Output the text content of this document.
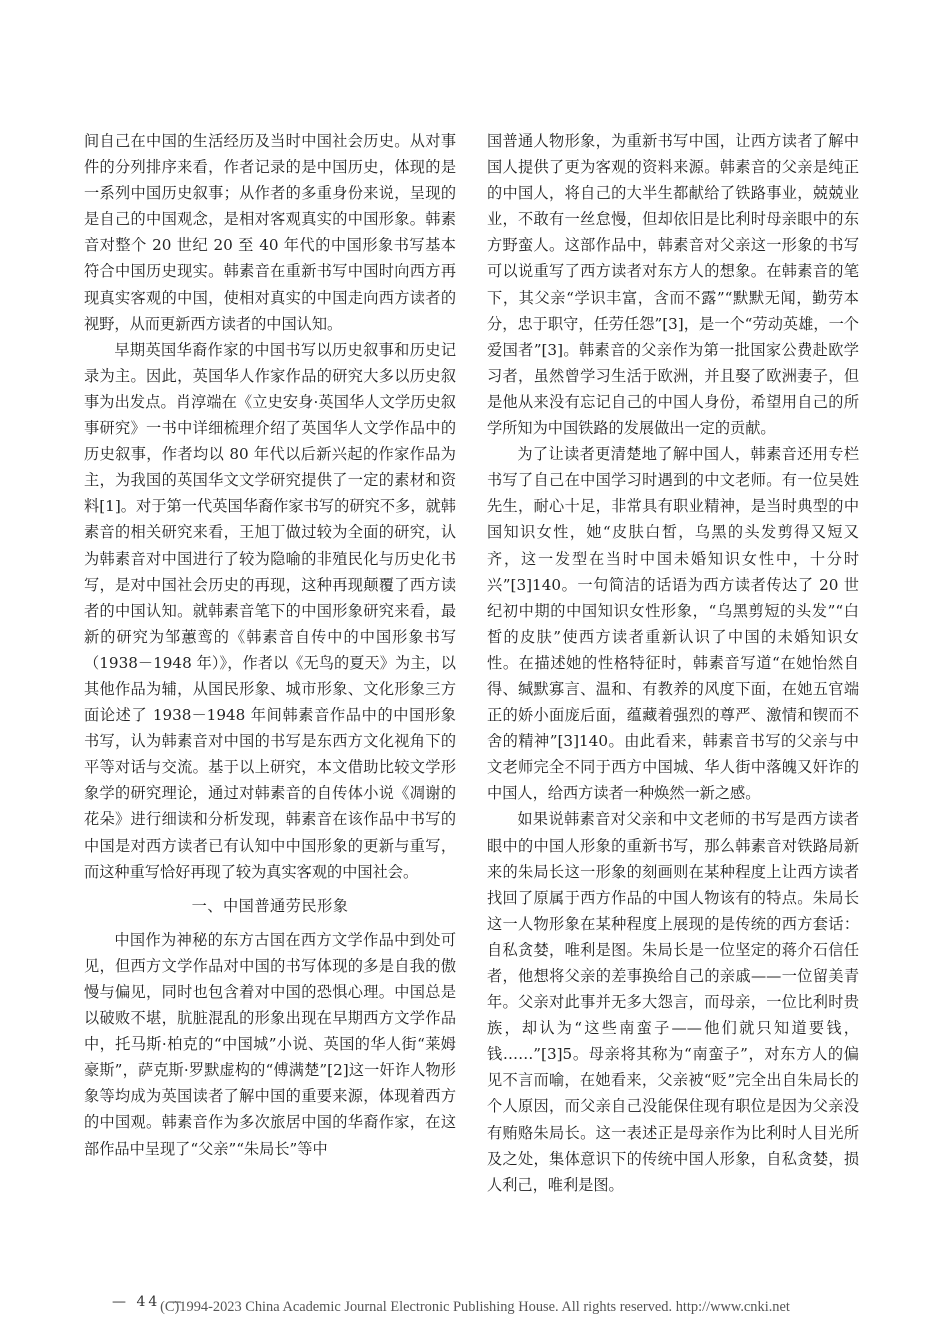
间自己在中国的生活经历及当时中国社会历史。从对事件的分列排序来看，作者记录的是中国历史，体现的是一系列中国历史叙事；从作者的多重身份来说，呈现的是自己的中国观念，是相对客观真实的中国形象。韩素音对整个 20 世纪 20 至 40 年代的中国形象书写基本符合中国历史现实。韩素音在重新书写中国时向西方再现真实客观的中国，使相对真实的中国走向西方读者的视野，从而更新西方读者的中国认知。

早期英国华裔作家的中国书写以历史叙事和历史记录为主。因此，英国华人作家作品的研究大多以历史叙事为出发点。肖淳端在《立史安身·英国华人文学历史叙事研究》一书中详细梳理介绍了英国华人文学作品中的历史叙事，作者均以 80 年代以后新兴起的作家作品为主，为我国的英国华文文学研究提供了一定的素材和资料[1]。对于第一代英国华裔作家书写的研究不多，就韩素音的相关研究来看，王旭丁做过较为全面的研究，认为韩素音对中国进行了较为隐喻的非殖民化与历史化书写，是对中国社会历史的再现，这种再现颠覆了西方读者的中国认知。就韩素音笔下的中国形象研究来看，最新的研究为邹蕙鸾的《韩素音自传中的中国形象书写（1938－1948 年）》，作者以《无鸟的夏天》为主，以其他作品为辅，从国民形象、城市形象、文化形象三方面论述了 1938－1948 年间韩素音作品中的中国形象书写，认为韩素音对中国的书写是东西方文化视角下的平等对话与交流。基于以上研究，本文借助比较文学形象学的研究理论，通过对韩素音的自传体小说《凋谢的花朵》进行细读和分析发现，韩素音在该作品中书写的中国是对西方读者已有认知中中国形象的更新与重写，而这种重写恰好再现了较为真实客观的中国社会。

一、中国普通劳民形象

中国作为神秘的东方古国在西方文学作品中到处可见，但西方文学作品对中国的书写体现的多是自我的傲慢与偏见，同时也包含着对中国的恐惧心理。中国总是以破败不堪，肮脏混乱的形象出现在早期西方文学作品中，托马斯·柏克的“中国城”小说、英国的华人街“莱姆豪斯”，萨克斯·罗默虚构的“傅满楚”[2]这一奸诈人物形象等均成为英国读者了解中国的重要来源，体现着西方的中国观。韩素音作为多次旅居中国的华裔作家，在这部作品中呈现了“父亲”“朱局长”等中

国普通人物形象，为重新书写中国，让西方读者了解中国人提供了更为客观的资料来源。韩素音的父亲是纯正的中国人，将自己的大半生都献给了铁路事业，兢兢业业，不敢有一丝怠慢，但却依旧是比利时母亲眼中的东方野蛮人。这部作品中，韩素音对父亲这一形象的书写可以说重写了西方读者对东方人的想象。在韩素音的笔下，其父亲“学识丰富，含而不露”“默默无闻，勤劳本分，忠于职守，任劳任怨”[3]，是一个“劳动英雄，一个爱国者”[3]。韩素音的父亲作为第一批国家公费赴欧学习者，虽然曾学习生活于欧洲，并且娶了欧洲妻子，但是他从来没有忘记自己的中国人身份，希望用自己的所学所知为中国铁路的发展做出一定的贡献。

为了让读者更清楚地了解中国人，韩素音还用专栏书写了自己在中国学习时遇到的中文老师。有一位吴姓先生，耐心十足，非常具有职业精神，是当时典型的中国知识女性，她“皮肤白皙，乌黑的头发剪得又短又齐，这一发型在当时中国未婚知识女性中，十分时兴”[3]140。一句简洁的话语为西方读者传达了 20 世纪初中期的中国知识女性形象，“乌黑剪短的头发”“白皙的皮肤”使西方读者重新认识了中国的未婚知识女性。在描述她的性格特征时，韩素音写道“在她怡然自得、缄默寡言、温和、有教养的风度下面，在她五官端正的娇小面庞后面，蕴藏着强烈的尊严、激情和锲而不舍的精神”[3]140。由此看来，韩素音书写的父亲与中文老师完全不同于西方中国城、华人街中落魄又奸诈的中国人，给西方读者一种焕然一新之感。

如果说韩素音对父亲和中文老师的书写是西方读者眼中的中国人形象的重新书写，那么韩素音对铁路局新来的朱局长这一形象的刻画则在某种程度上让西方读者找回了原属于西方作品的中国人物该有的特点。朱局长这一人物形象在某种程度上展现的是传统的西方套话：自私贪婪，唯利是图。朱局长是一位坚定的蒋介石信任者，他想将父亲的差事换给自己的亲戚——一位留美青年。父亲对此事并无多大怨言，而母亲，一位比利时贵族，却认为“这些南蛮子——他们就只知道要钱，钱……”[3]5。母亲将其称为“南蛮子”，对东方人的偏见不言而喻，在她看来，父亲被“贬”完全出自朱局长的个人原因，而父亲自己没能保住现有职位是因为父亲没有贿赂朱局长。这一表述正是母亲作为比利时人目光所及之处，集体意识下的传统中国人形象，自私贪婪，损人利己，唯利是图。

— 44 —
(C)1994-2023 China Academic Journal Electronic Publishing House. All rights reserved. http://www.cnki.net
